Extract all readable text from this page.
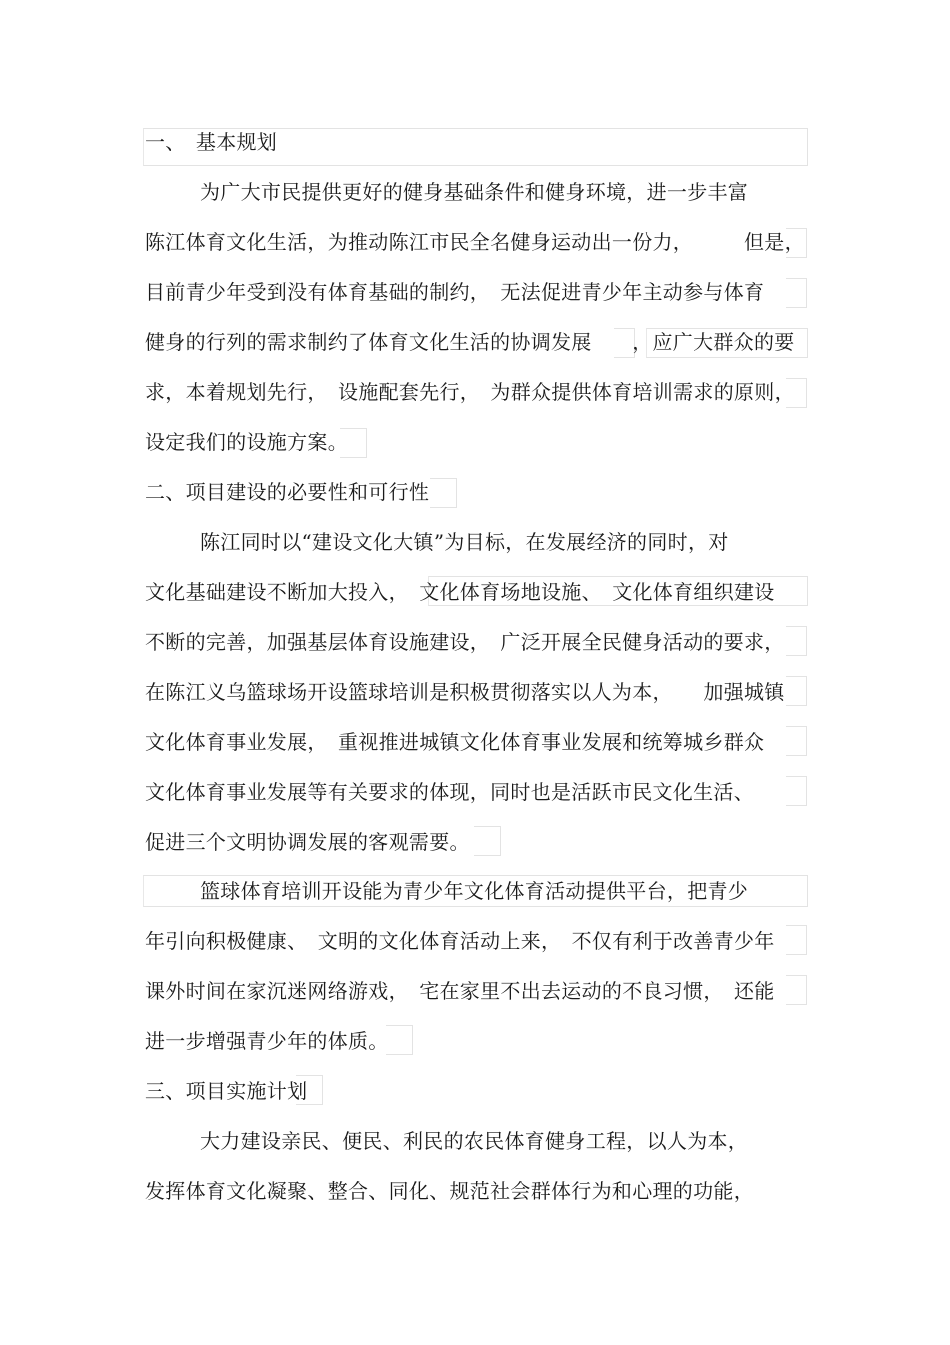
一、　基本规划
为广大市民提供更好的健身基础条件和健身环境，进一步丰富
陈江体育文化生活，为推动陈江市民全名健身运动出一份力，　　　但是，
目前青少年受到没有体育基础的制约，　无法促进青少年主动参与体育
健身的行列的需求制约了体育文化生活的协调发展　　，应广大群众的要
求，本着规划先行，　设施配套先行，　为群众提供体育培训需求的原则，
设定我们的设施方案。
二、项目建设的必要性和可行性
陈江同时以“建设文化大镇”为目标，在发展经济的同时，对
文化基础建设不断加大投入，　文化体育场地设施、　文化体育组织建设
不断的完善，加强基层体育设施建设，　广泛开展全民健身活动的要求，
在陈江义乌篮球场开设篮球培训是积极贯彻落实以人为本，　　加强城镇
文化体育事业发展，　重视推进城镇文化体育事业发展和统筹城乡群众
文化体育事业发展等有关要求的体现，同时也是活跃市民文化生活、
促进三个文明协调发展的客观需要。
篮球体育培训开设能为青少年文化体育活动提供平台，把青少
年引向积极健康、　文明的文化体育活动上来，　不仅有利于改善青少年
课外时间在家沉迷网络游戏，　宅在家里不出去运动的不良习惯，　还能
进一步增强青少年的体质。
三、项目实施计划
大力建设亲民、便民、利民的农民体育健身工程，以人为本，
发挥体育文化凝聚、整合、同化、规范社会群体行为和心理的功能，
